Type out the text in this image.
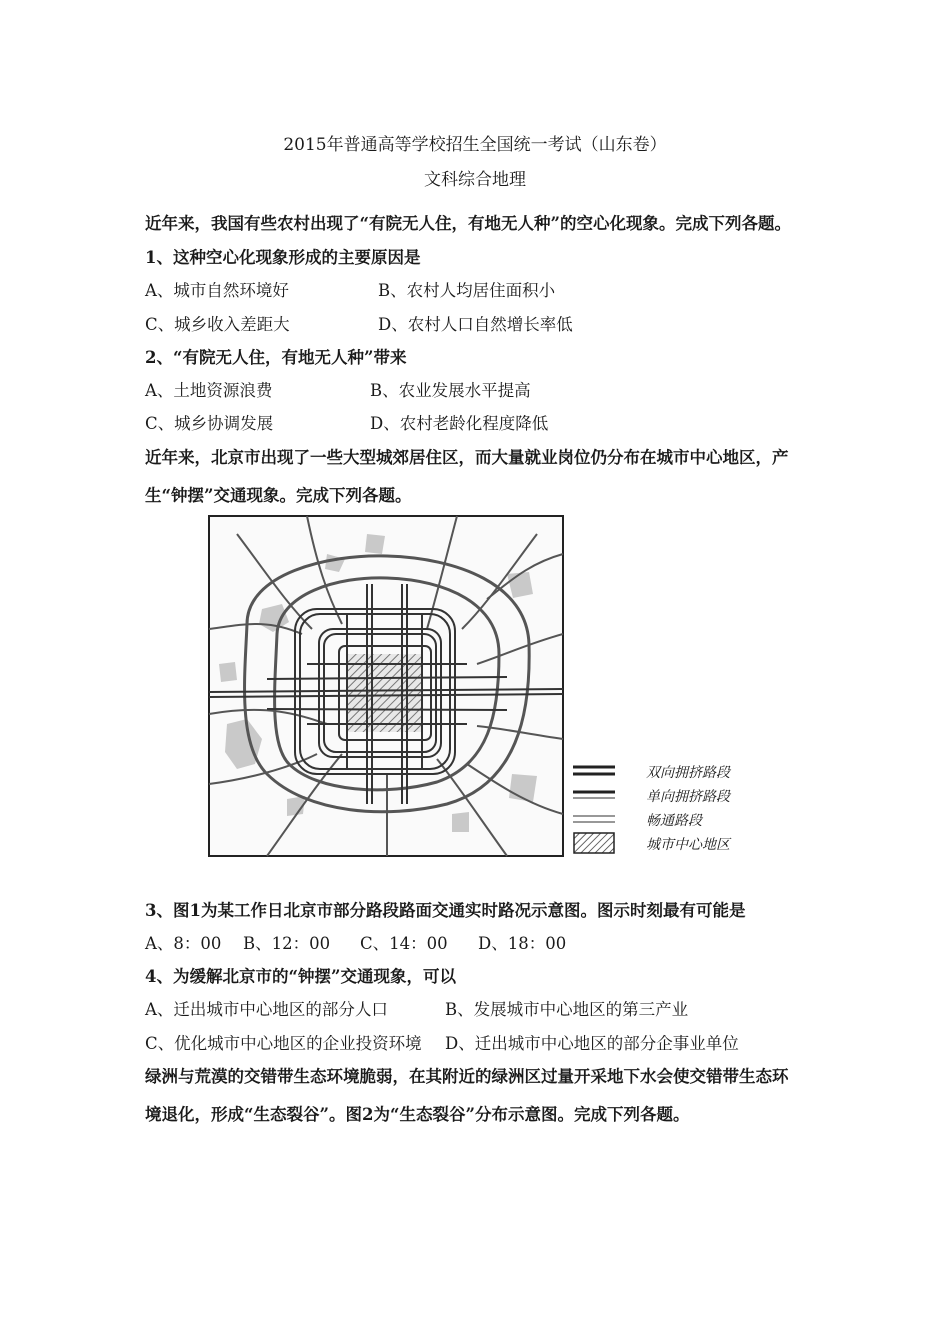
2015年普通高等学校招生全国统一考试（山东卷）
文科综合地理
近年来，我国有些农村出现了“有院无人住，有地无人种”的空心化现象。完成下列各题。
1、这种空心化现象形成的主要原因是
A、城市自然环境好	B、农村人均居住面积小
C、城乡收入差距大	D、农村人口自然增长率低
2、“有院无人住，有地无人种”带来
A、土地资源浪费	B、农业发展水平提高
C、城乡协调发展	D、农村老龄化程度降低
近年来，北京市出现了一些大型城郊居住区，而大量就业岗位仍分布在城市中心地区，产
生“钟摆”交通现象。完成下列各题。
双向拥挤路段
单向拥挤路段
畅通路段
城市中心地区
3、图1为某工作日北京市部分路段路面交通实时路况示意图。图示时刻最有可能是
A、8：00 B、12：00 C、14：00 D、18：00
4、为缓解北京市的“钟摆”交通现象，可以
A、迁出城市中心地区的部分人口	B、发展城市中心地区的第三产业
C、优化城市中心地区的企业投资环境 D、迁出城市中心地区的部分企事业单位
绿洲与荒漠的交错带生态环境脆弱，在其附近的绿洲区过量开采地下水会使交错带生态环
境退化，形成“生态裂谷”。图2为“生态裂谷”分布示意图。完成下列各题。
